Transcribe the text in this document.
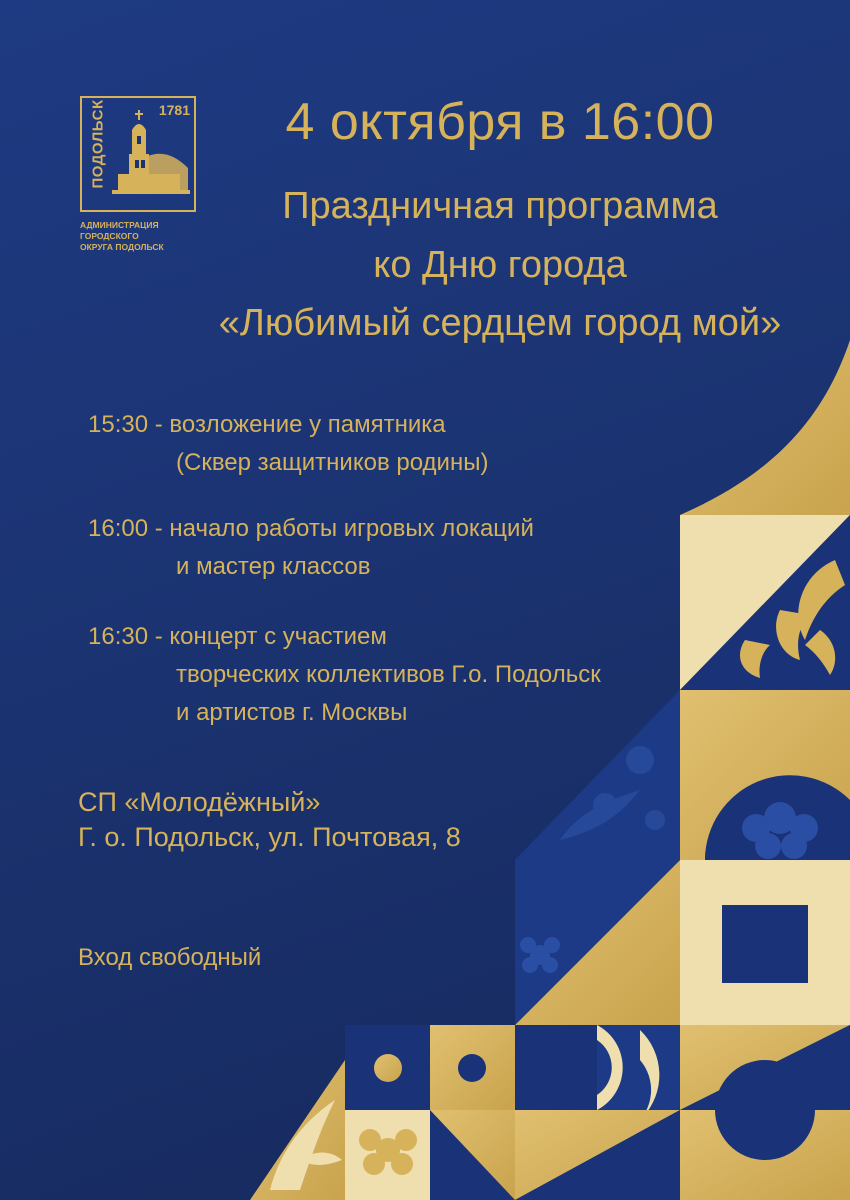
ПОДОЛЬСК	1781
АДМИНИСТРАЦИЯ ГОРОДСКОГО
ОКРУГА ПОДОЛЬСК
4 октября в 16:00
Праздничная программа
ко Дню города
«Любимый сердцем город мой»
15:30 - возложение у памятника
(Сквер защитников родины)
16:00 - начало работы игровых локаций
и мастер классов
16:30 - концерт с участием
творческих коллективов Г.о. Подольск
и артистов г. Москвы
СП «Молодёжный»
Г. о. Подольск, ул. Почтовая, 8
Вход свободный
